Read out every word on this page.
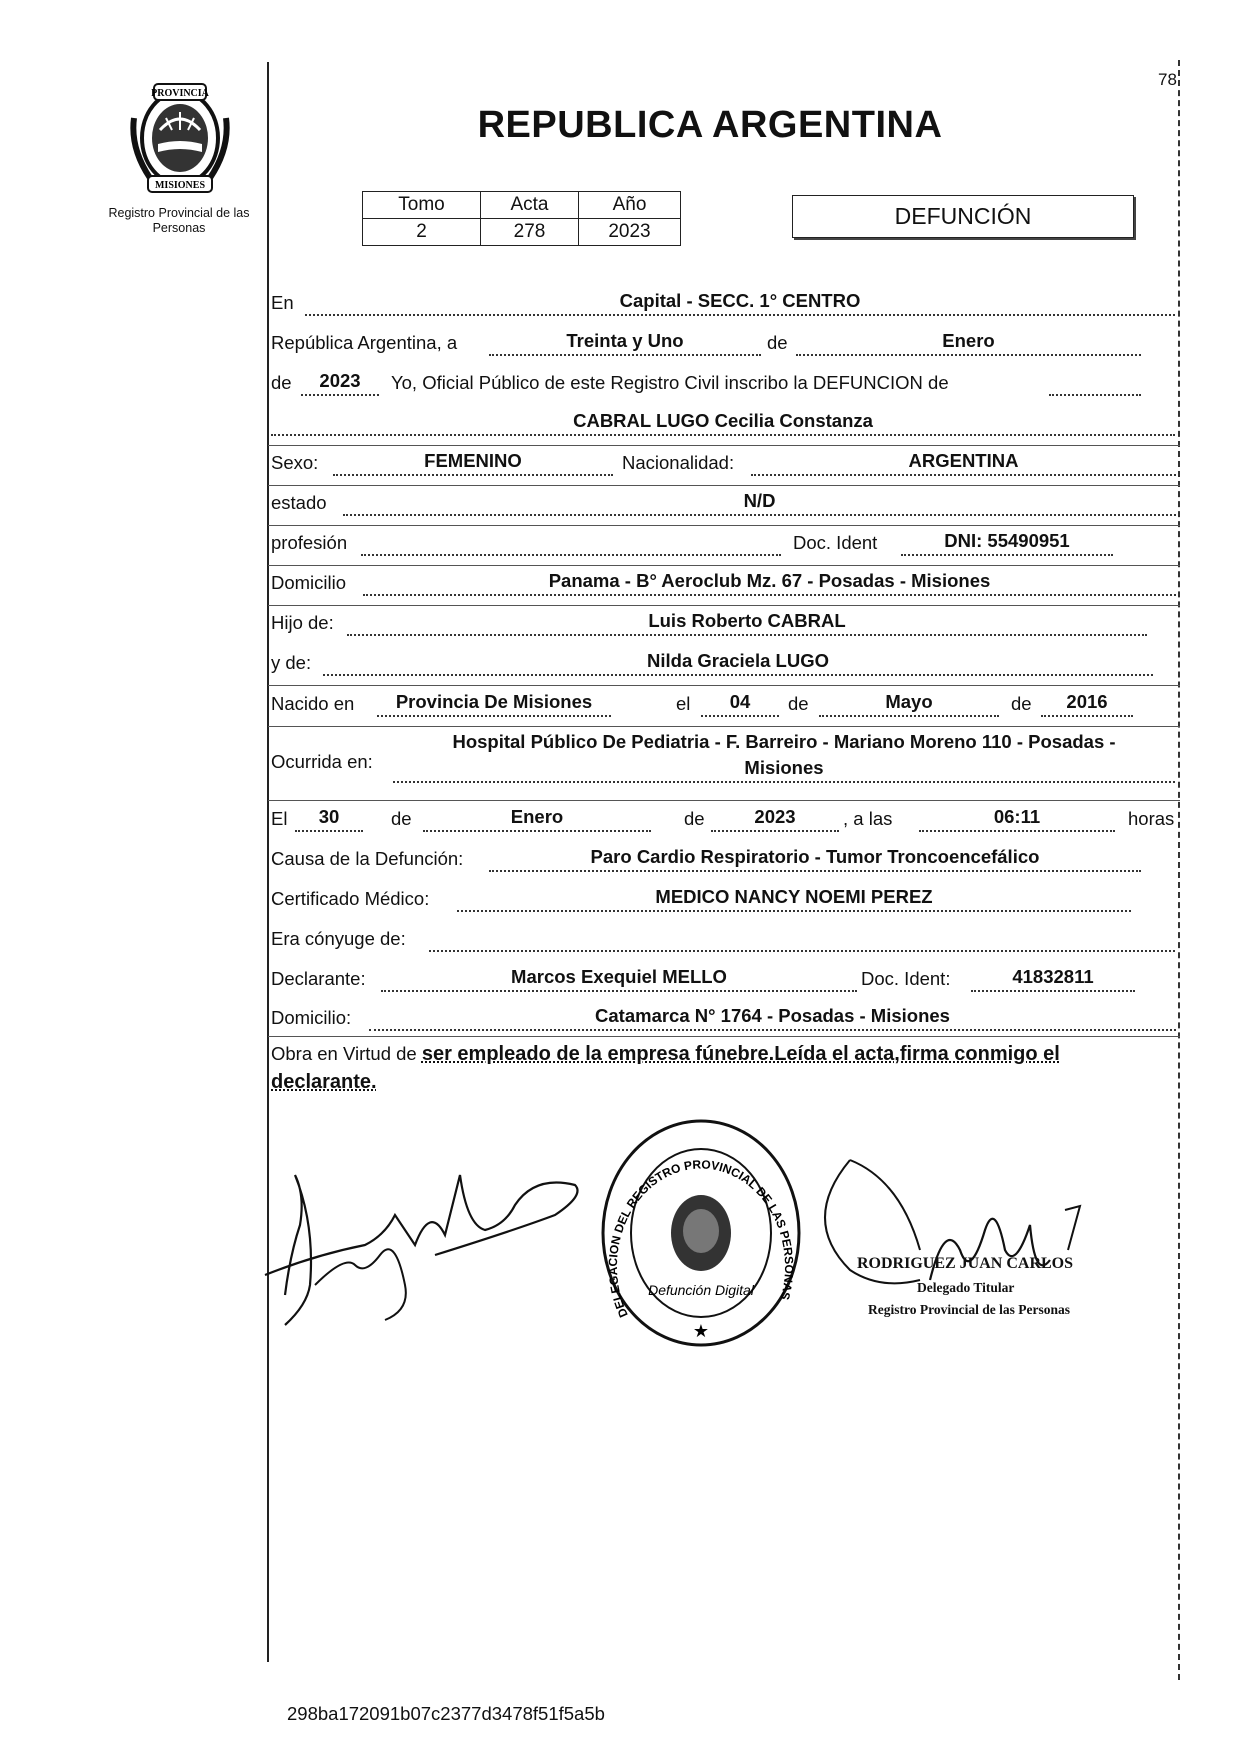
PROVINCIA
MISIONES
Registro Provincial de las Personas
78
REPUBLICA ARGENTINA
Tomo	Acta	Año
2	278	2023
DEFUNCIÓN
En	Capital - SECC. 1° CENTRO
República Argentina, a	Treinta y Uno	de	Enero
de	2023	Yo, Oficial Público de este Registro Civil inscribo la DEFUNCION de
CABRAL LUGO Cecilia Constanza
Sexo:	FEMENINO	Nacionalidad:	ARGENTINA
estado	N/D
profesión	Doc. Ident	DNI: 55490951
Domicilio	Panama - B° Aeroclub Mz. 67 - Posadas - Misiones
Hijo de:	Luis Roberto CABRAL
y de:	Nilda Graciela LUGO
Nacido en	Provincia De Misiones	el	04	de	Mayo	de	2016
Ocurrida en:
Hospital Público De Pediatria - F. Barreiro - Mariano Moreno 110 - Posadas -
Misiones
El	30	de	Enero	de	2023	, a las	06:11	horas
Causa de la Defunción:	Paro Cardio Respiratorio - Tumor Troncoencefálico
Certificado Médico:	MEDICO NANCY NOEMI PEREZ
Era cónyuge de:
Declarante:	Marcos Exequiel MELLO	Doc. Ident:	41832811
Domicilio:	Catamarca N° 1764 - Posadas - Misiones
Obra en Virtud de ser empleado de la empresa fúnebre.Leída el acta,firma conmigo el
declarante.
DELEGACION DEL REGISTRO PROVINCIAL DE LAS PERSONAS
Defunción Digital
★
RODRIGUEZ JUAN CARLOS
Delegado Titular
Registro Provincial de las Personas
298ba172091b07c2377d3478f51f5a5b
